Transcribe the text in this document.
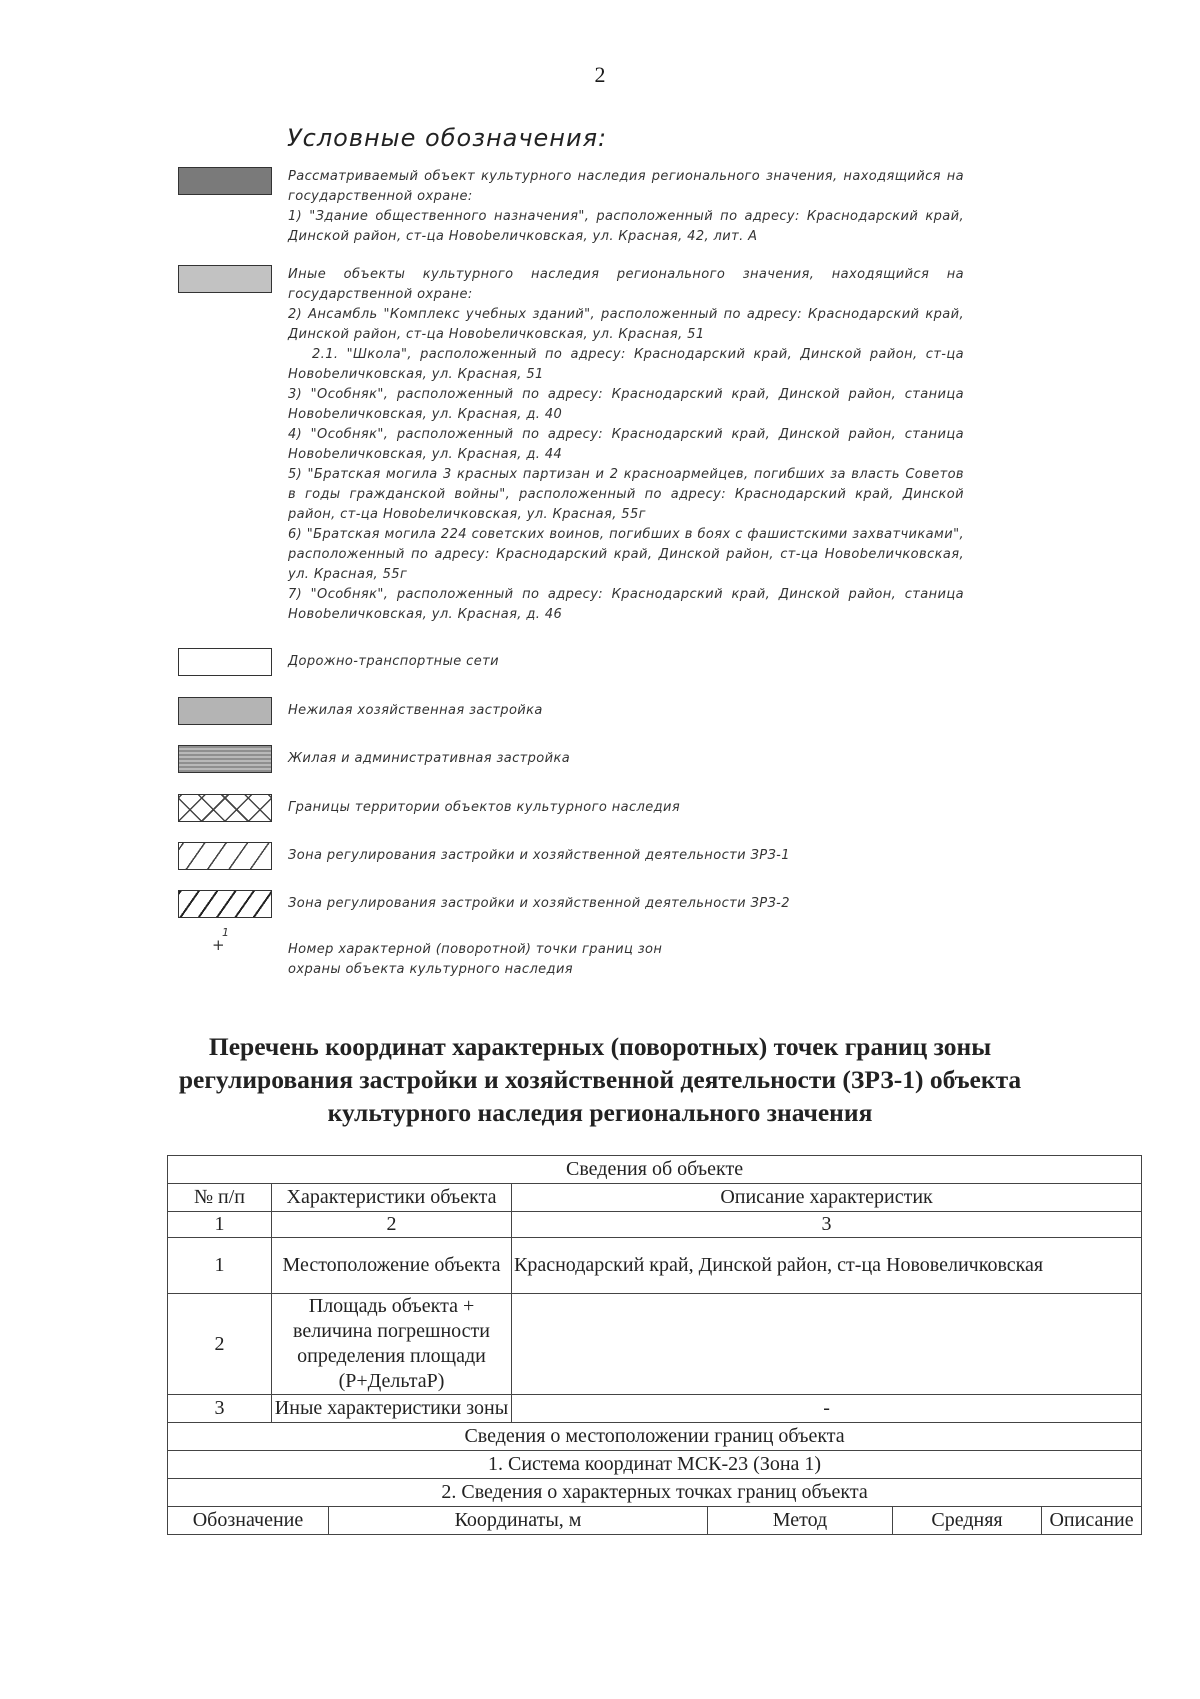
2
Условные обозначения:

Рассматриваемый объект культурного наследия регионального значения, находящийся на государственной охране:

1) "Здание общественного назначения", расположенный по адресу: Краснодарский край, Динской район, ст-ца Новоbеличковская, ул. Красная, 42, лит. А

Иные объекты культурного наследия регионального значения, находящийся на государственной охране:

2) Ансамбль "Комплекс учебных зданий", расположенный по адресу: Краснодарский край, Динской район, ст-ца Новоbеличковская, ул. Красная, 51

2.1. "Школа", расположенный по адресу: Краснодарский край, Динской район, ст-ца Новоbеличковская, ул. Красная, 51

3) "Особняк", расположенный по адресу: Краснодарский край, Динской район, станица Новоbеличковская, ул. Красная, д. 40

4) "Особняк", расположенный по адресу: Краснодарский край, Динской район, станица Новоbеличковская, ул. Красная, д. 44

5) "Братская могила 3 красных партизан и 2 красноармейцев, погибших за власть Советов в годы гражданской войны", расположенный по адресу: Краснодарский край, Динской район, ст-ца Новоbеличковская, ул. Красная, 55г

6) "Братская могила 224 советских воинов, погибших в боях с фашистскими захватчиками", расположенный по адресу: Краснодарский край, Динской район, ст-ца Новоbеличковская, ул. Красная, 55г

7) "Особняк", расположенный по адресу: Краснодарский край, Динской район, станица Новоbеличковская, ул. Красная, д. 46

Дорожно-транспортные сети
Нежилая хозяйственная застройка
Жилая и административная застройка
Границы территории объектов культурного наследия
Зона регулирования застройки и хозяйственной деятельности ЗРЗ-1
Зона регулирования застройки и хозяйственной деятельности ЗРЗ-2
Номер характерной (поворотной) точки границ зон охраны объекта культурного наследия
+
1
Перечень координат характерных (поворотных) точек границ зоны
регулирования застройки и хозяйственной деятельности (ЗРЗ-1) объекта
культурного наследия регионального значения
Сведения об объекте						
№ п/п	Характеристики объекта		Описание характеристик			
1	2		3			
1	Местоположение объекта		Краснодарский край, Динской район, ст-ца Нововеличковская			
2	Площадь объекта + величина погрешности определения площади (Р+ДельтаР)					
3	Иные характеристики зоны		-			
Сведения о местоположении границ объекта						
1. Система координат МСК-23 (Зона 1)						
2. Сведения о характерных точках границ объекта						
Обозначение		Координаты, м		Метод	Средняя	Описание
